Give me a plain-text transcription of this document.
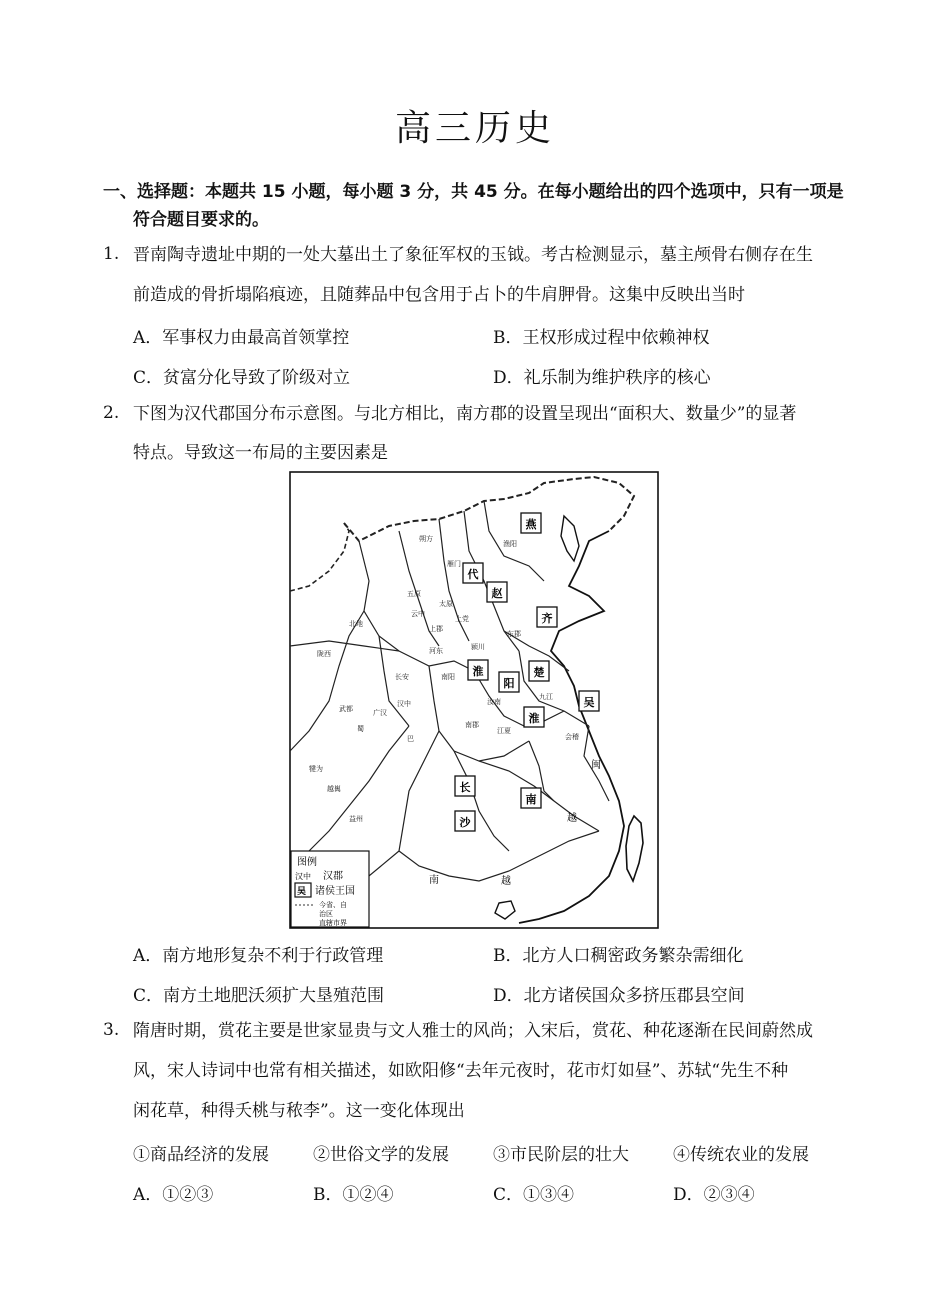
高三历史
一、选择题：本题共 15 小题，每小题 3 分，共 45 分。在每小题给出的四个选项中，只有一项是
符合题目要求的。
1. 晋南陶寺遗址中期的一处大墓出土了象征军权的玉钺。考古检测显示，墓主颅骨右侧存在生
前造成的骨折塌陷痕迹，且随葬品中包含用于占卜的牛肩胛骨。这集中反映出当时
A．军事权力由最高首领掌控	B．王权形成过程中依赖神权
C．贫富分化导致了阶级对立	D．礼乐制为维护秩序的核心
2. 下图为汉代郡国分布示意图。与北方相比，南方郡的设置呈现出“面积大、数量少”的显著
特点。导致这一布局的主要因素是
燕
代
赵
齐
淮
阳
楚
吴
淮
长
沙
南
越
闽
南	越
朔方
五原
云中
上郡
北地
陇西
汉中
巴
蜀
广汉
武都
南郡
江夏
犍为
越嶲
益州
东郡
颍川
汝南
南阳
会稽
九江
长安
雁门
太原
上党
河东
渔阳
图例
汉中 汉郡
吴 诸侯王国
今省、自
治区
直辖市界
A．南方地形复杂不利于行政管理	B．北方人口稠密政务繁杂需细化
C．南方土地肥沃须扩大垦殖范围	D．北方诸侯国众多挤压郡县空间
3. 隋唐时期，赏花主要是世家显贵与文人雅士的风尚；入宋后，赏花、种花逐渐在民间蔚然成
风，宋人诗词中也常有相关描述，如欧阳修“去年元夜时，花市灯如昼”、苏轼“先生不种
闲花草，种得夭桃与秾李”。这一变化体现出
①商品经济的发展	②世俗文学的发展	③市民阶层的壮大	④传统农业的发展
A．①②③	B．①②④	C．①③④	D．②③④
